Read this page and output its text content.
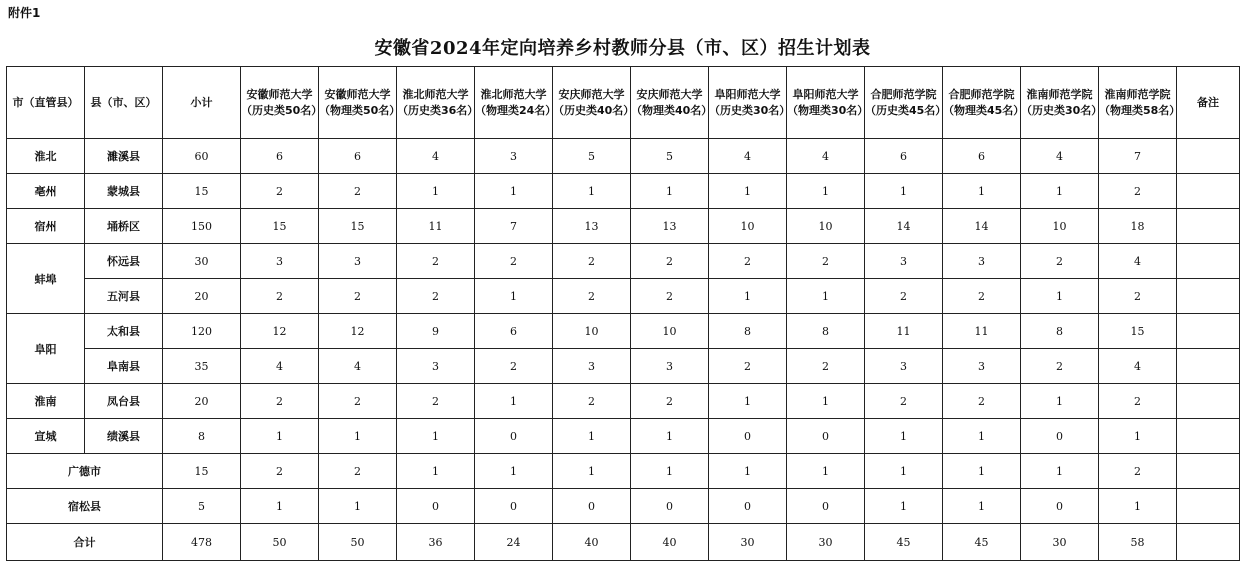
附件1
安徽省2024年定向培养乡村教师分县（市、区）招生计划表
市（直管县）	县（市、区）	小计	安徽师范大学（历史类50名）	安徽师范大学（物理类50名）	淮北师范大学（历史类36名）	淮北师范大学（物理类24名）	安庆师范大学（历史类40名）	安庆师范大学（物理类40名）	阜阳师范大学（历史类30名）	阜阳师范大学（物理类30名）	合肥师范学院（历史类45名）	合肥师范学院（物理类45名）	淮南师范学院（历史类30名）	淮南师范学院（物理类58名）	备注
淮北	濉溪县	60	6	6	4	3	5	5	4	4	6	6	4	7	
亳州	蒙城县	15	2	2	1	1	1	1	1	1	1	1	1	2	
宿州	埇桥区	150	15	15	11	7	13	13	10	10	14	14	10	18	
蚌埠	怀远县	30	3	3	2	2	2	2	2	2	3	3	2	4	
	五河县	20	2	2	2	1	2	2	1	1	2	2	1	2	
阜阳	太和县	120	12	12	9	6	10	10	8	8	11	11	8	15	
	阜南县	35	4	4	3	2	3	3	2	2	3	3	2	4	
淮南	凤台县	20	2	2	2	1	2	2	1	1	2	2	1	2	
宣城	绩溪县	8	1	1	1	0	1	1	0	0	1	1	0	1	
广德市		15	2	2	1	1	1	1	1	1	1	1	1	2	
宿松县		5	1	1	0	0	0	0	0	0	1	1	0	1	
合计		478	50	50	36	24	40	40	30	30	45	45	30	58	
